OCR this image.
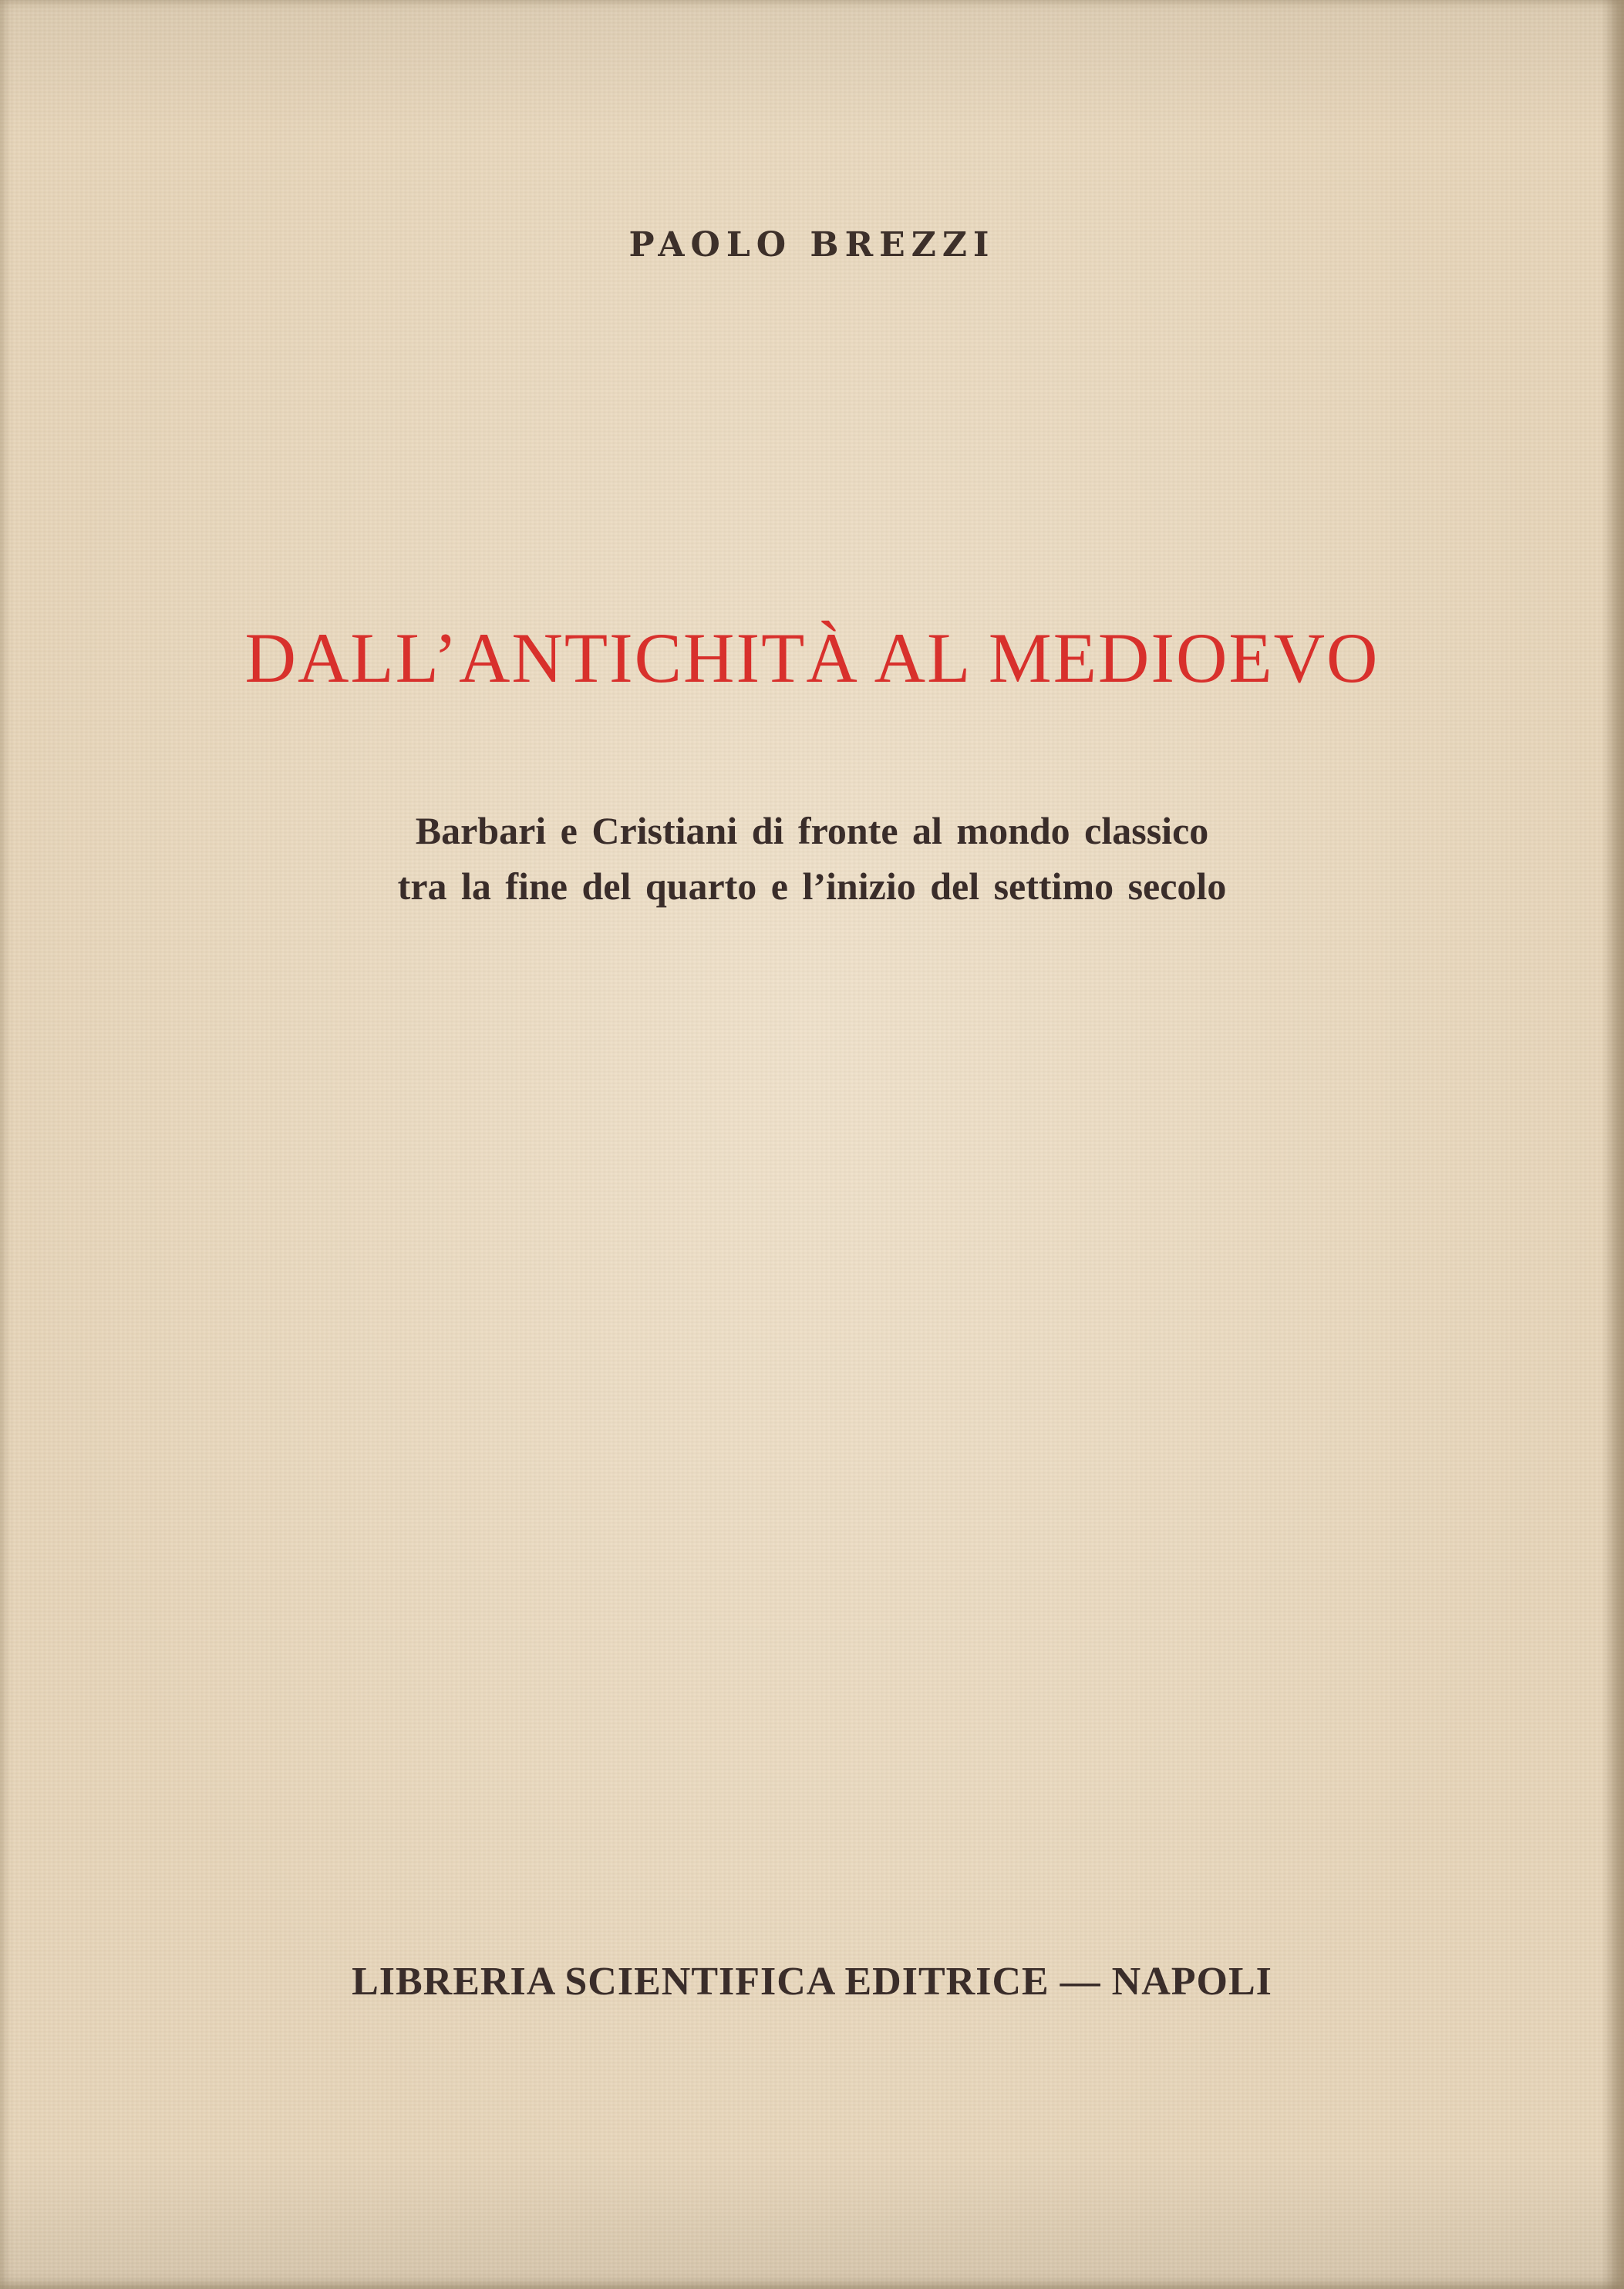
PAOLO BREZZI
DALL’ANTICHITÀ AL MEDIOEVO
Barbari e Cristiani di fronte al mondo classico
tra la fine del quarto e l’inizio del settimo secolo
LIBRERIA SCIENTIFICA EDITRICE — NAPOLI
